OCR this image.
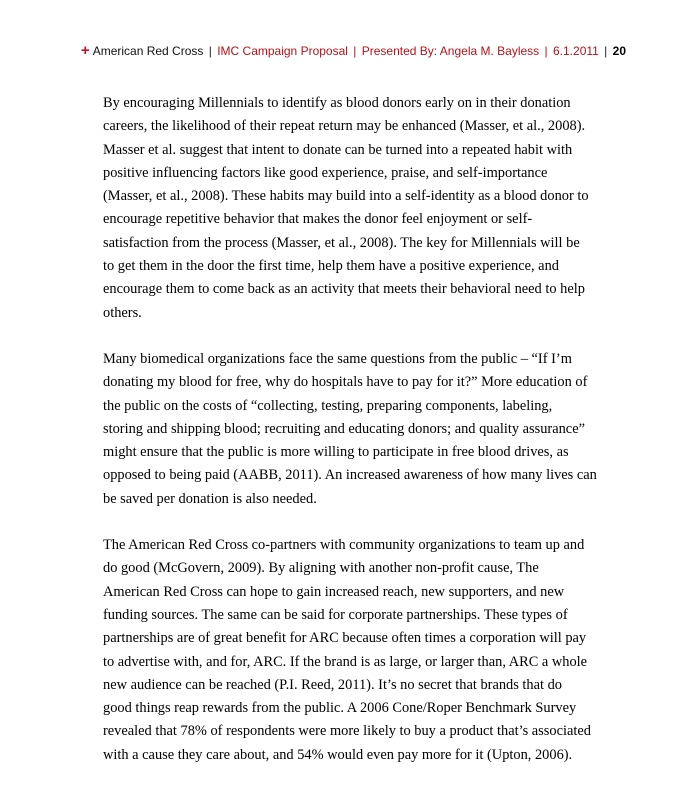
+ American Red Cross | IMC Campaign Proposal | Presented By: Angela M. Bayless | 6.1.2011 | 20

By encouraging Millennials to identify as blood donors early on in their donation
careers, the likelihood of their repeat return may be enhanced (Masser, et al., 2008).
Masser et al. suggest that intent to donate can be turned into a repeated habit with
positive influencing factors like good experience, praise, and self-importance
(Masser, et al., 2008). These habits may build into a self-identity as a blood donor to
encourage repetitive behavior that makes the donor feel enjoyment or self-
satisfaction from the process (Masser, et al., 2008). The key for Millennials will be
to get them in the door the first time, help them have a positive experience, and
encourage them to come back as an activity that meets their behavioral need to help
others.

Many biomedical organizations face the same questions from the public – “If I’m
donating my blood for free, why do hospitals have to pay for it?” More education of
the public on the costs of “collecting, testing, preparing components, labeling,
storing and shipping blood; recruiting and educating donors; and quality assurance”
might ensure that the public is more willing to participate in free blood drives, as
opposed to being paid (AABB, 2011). An increased awareness of how many lives can
be saved per donation is also needed.

The American Red Cross co-partners with community organizations to team up and
do good (McGovern, 2009). By aligning with another non-profit cause, The
American Red Cross can hope to gain increased reach, new supporters, and new
funding sources. The same can be said for corporate partnerships. These types of
partnerships are of great benefit for ARC because often times a corporation will pay
to advertise with, and for, ARC. If the brand is as large, or larger than, ARC a whole
new audience can be reached (P.I. Reed, 2011). It’s no secret that brands that do
good things reap rewards from the public. A 2006 Cone/Roper Benchmark Survey
revealed that 78% of respondents were more likely to buy a product that’s associated
with a cause they care about, and 54% would even pay more for it (Upton, 2006).
